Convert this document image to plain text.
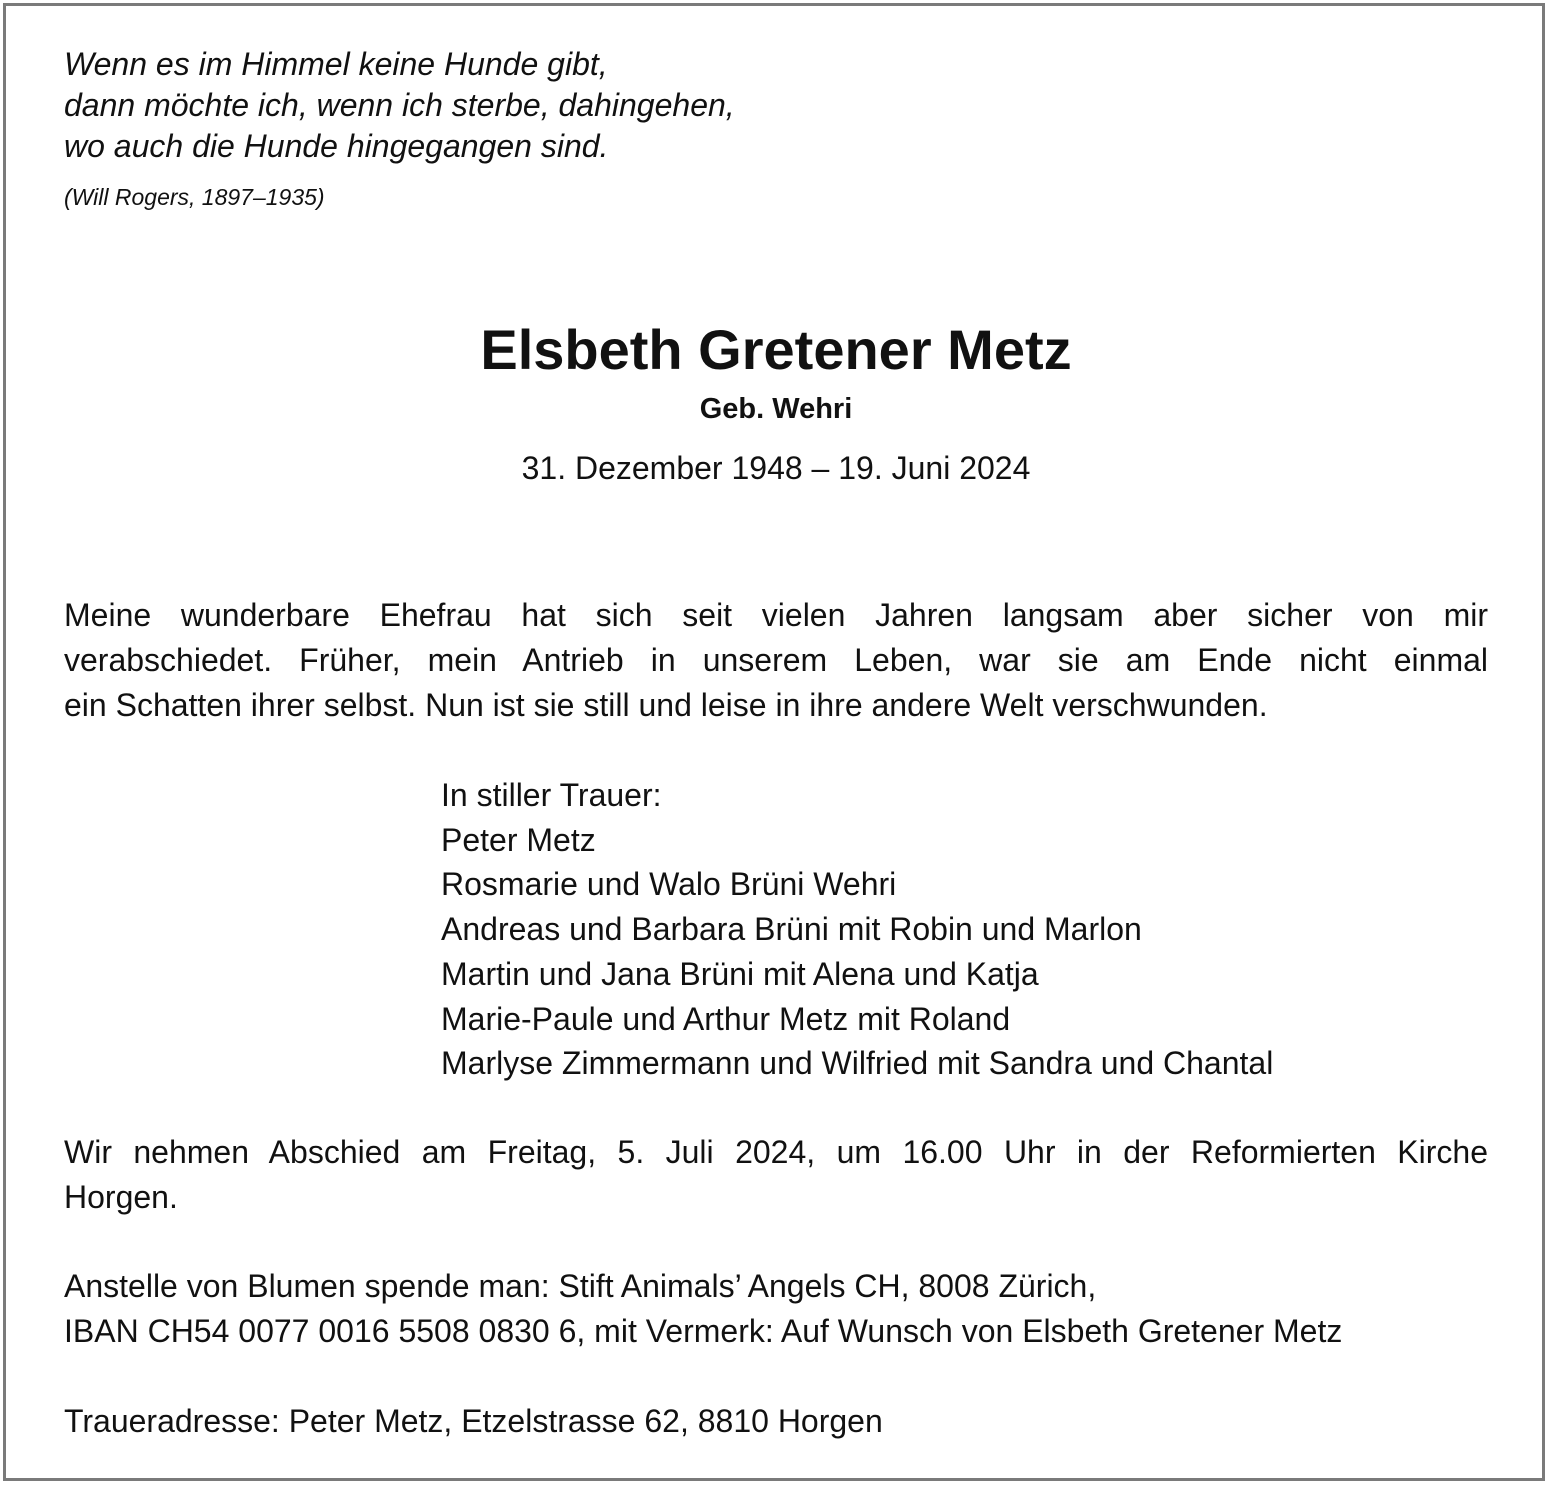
Wenn es im Himmel keine Hunde gibt,
dann möchte ich, wenn ich sterbe, dahingehen,
wo auch die Hunde hingegangen sind.
(Will Rogers, 1897–1935)
Elsbeth Gretener Metz
Geb. Wehri
31. Dezember 1948 – 19. Juni 2024
Meine wunderbare Ehefrau hat sich seit vielen Jahren langsam aber sicher von mir
verabschiedet. Früher, mein Antrieb in unserem Leben, war sie am Ende nicht einmal
ein Schatten ihrer selbst. Nun ist sie still und leise in ihre andere Welt verschwunden.
In stiller Trauer:
Peter Metz
Rosmarie und Walo Brüni Wehri
Andreas und Barbara Brüni mit Robin und Marlon
Martin und Jana Brüni mit Alena und Katja
Marie-Paule und Arthur Metz mit Roland
Marlyse Zimmermann und Wilfried mit Sandra und Chantal
Wir nehmen Abschied am Freitag, 5. Juli 2024, um 16.00 Uhr in der Reformierten Kirche
Horgen.
Anstelle von Blumen spende man: Stift Animals’ Angels CH, 8008 Zürich,
IBAN CH54 0077 0016 5508 0830 6, mit Vermerk: Auf Wunsch von Elsbeth Gretener Metz
Traueradresse: Peter Metz, Etzelstrasse 62, 8810 Horgen
